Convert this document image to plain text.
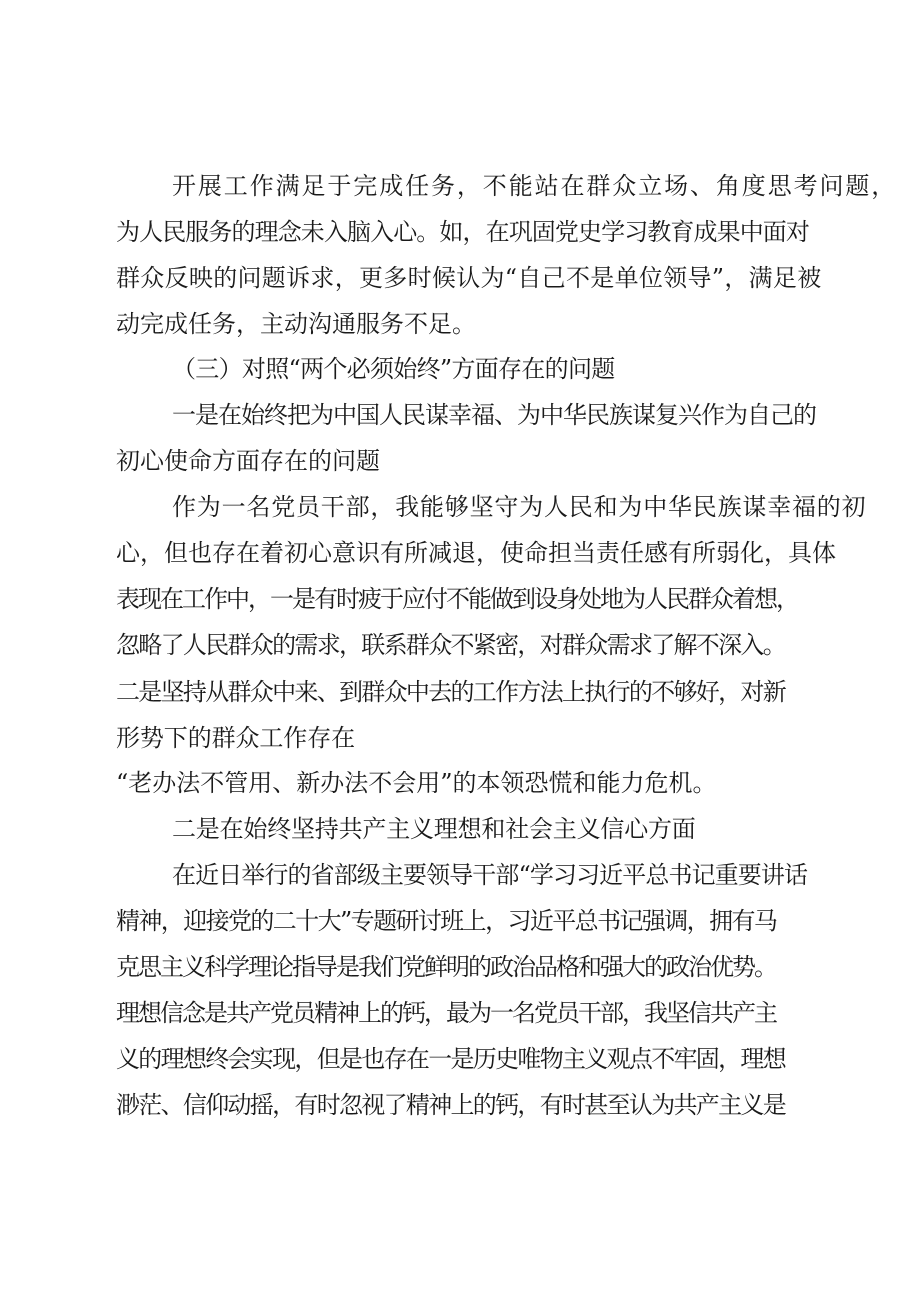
开展工作满足于完成任务，不能站在群众立场、角度思考问题，
为人民服务的理念未入脑入心。如，在巩固党史学习教育成果中面对
群众反映的问题诉求，更多时候认为“自己不是单位领导”，满足被
动完成任务，主动沟通服务不足。
（三）对照“两个必须始终”方面存在的问题
一是在始终把为中国人民谋幸福、为中华民族谋复兴作为自己的
初心使命方面存在的问题
作为一名党员干部，我能够坚守为人民和为中华民族谋幸福的初
心，但也存在着初心意识有所减退，使命担当责任感有所弱化，具体
表现在工作中，一是有时疲于应付不能做到设身处地为人民群众着想，
忽略了人民群众的需求，联系群众不紧密，对群众需求了解不深入。
二是坚持从群众中来、到群众中去的工作方法上执行的不够好，对新
形势下的群众工作存在
“老办法不管用、新办法不会用”的本领恐慌和能力危机。
二是在始终坚持共产主义理想和社会主义信心方面
在近日举行的省部级主要领导干部“学习习近平总书记重要讲话
精神，迎接党的二十大”专题研讨班上，习近平总书记强调，拥有马
克思主义科学理论指导是我们党鲜明的政治品格和强大的政治优势。
理想信念是共产党员精神上的钙，最为一名党员干部，我坚信共产主
义的理想终会实现，但是也存在一是历史唯物主义观点不牢固，理想
渺茫、信仰动摇，有时忽视了精神上的钙，有时甚至认为共产主义是
